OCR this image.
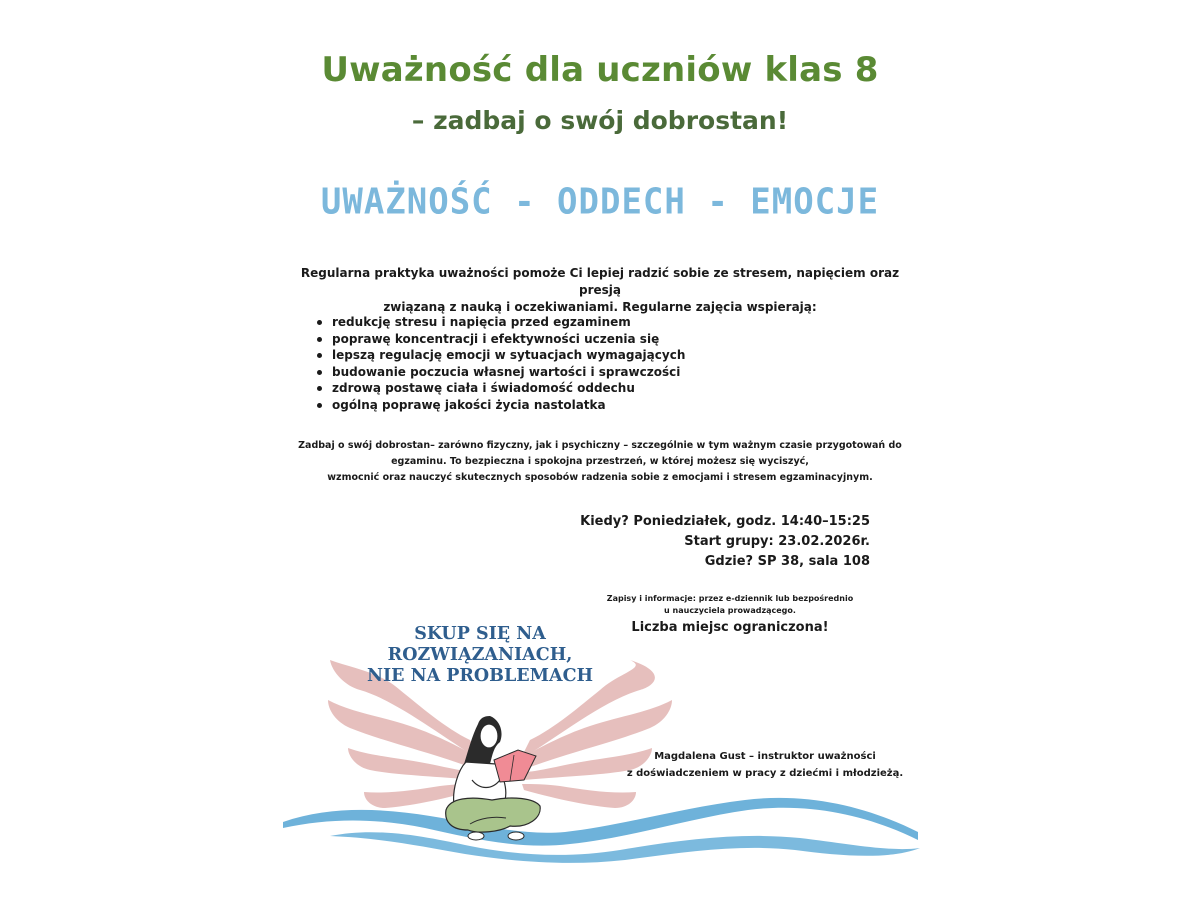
Uważność dla uczniów klas 8
– zadbaj o swój dobrostan!
UWAŻNOŚĆ - ODDECH - EMOCJE
Regularna praktyka uważności pomoże Ci lepiej radzić sobie ze stresem, napięciem oraz presją
związaną z nauką i oczekiwaniami. Regularne zajęcia wspierają:
redukcję stresu i napięcia przed egzaminem
poprawę koncentracji i efektywności uczenia się
lepszą regulację emocji w sytuacjach wymagających
budowanie poczucia własnej wartości i sprawczości
zdrową postawę ciała i świadomość oddechu
ogólną poprawę jakości życia nastolatka
Zadbaj o swój dobrostan– zarówno fizyczny, jak i psychiczny – szczególnie w tym ważnym czasie przygotowań do
egzaminu. To bezpieczna i spokojna przestrzeń, w której możesz się wyciszyć,
wzmocnić oraz nauczyć skutecznych sposobów radzenia sobie z emocjami i stresem egzaminacyjnym.
Kiedy? Poniedziałek, godz. 14:40–15:25
Start grupy: 23.02.2026r.
Gdzie? SP 38, sala 108
Zapisy i informacje: przez e-dziennik lub bezpośrednio
u nauczyciela prowadzącego.
Liczba miejsc ograniczona!
SKUP SIĘ NA
ROZWIĄZANIACH,
NIE NA PROBLEMACH
Magdalena Gust – instruktor uważności
z doświadczeniem w pracy z dziećmi i młodzieżą.
